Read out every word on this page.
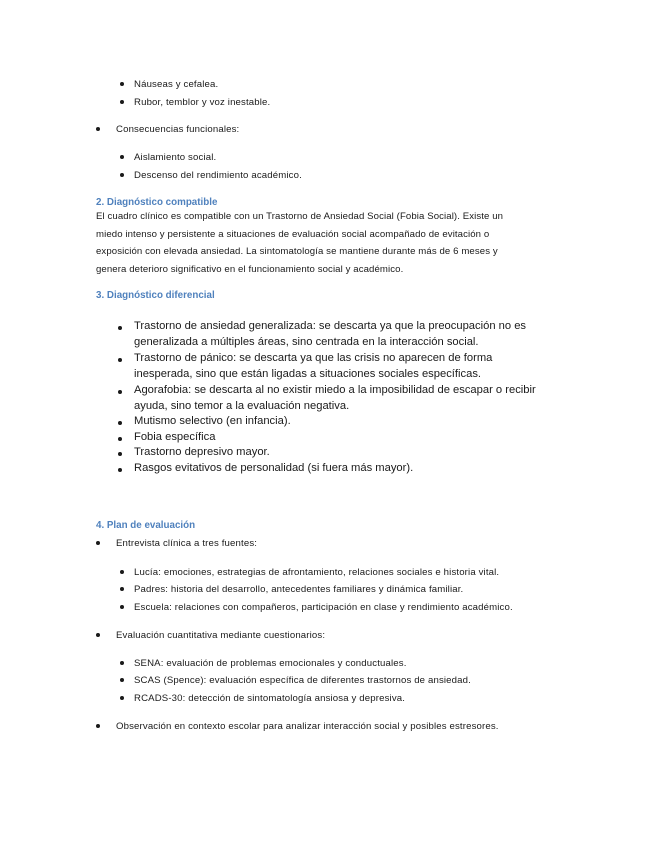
Náuseas y cefalea.
Rubor, temblor y voz inestable.
Consecuencias funcionales:
Aislamiento social.
Descenso del rendimiento académico.
2. Diagnóstico compatible
El cuadro clínico es compatible con un Trastorno de Ansiedad Social (Fobia Social). Existe un
miedo intenso y persistente a situaciones de evaluación social acompañado de evitación o
exposición con elevada ansiedad. La sintomatología se mantiene durante más de 6 meses y
genera deterioro significativo en el funcionamiento social y académico.
3. Diagnóstico diferencial
Trastorno de ansiedad generalizada: se descarta ya que la preocupación no es
generalizada a múltiples áreas, sino centrada en la interacción social.
Trastorno de pánico: se descarta ya que las crisis no aparecen de forma
inesperada, sino que están ligadas a situaciones sociales específicas.
Agorafobia: se descarta al no existir miedo a la imposibilidad de escapar o recibir
ayuda, sino temor a la evaluación negativa.
Mutismo selectivo (en infancia).
Fobia específica
Trastorno depresivo mayor.
Rasgos evitativos de personalidad (si fuera más mayor).
4. Plan de evaluación
Entrevista clínica a tres fuentes:
Lucía: emociones, estrategias de afrontamiento, relaciones sociales e historia vital.
Padres: historia del desarrollo, antecedentes familiares y dinámica familiar.
Escuela: relaciones con compañeros, participación en clase y rendimiento académico.
Evaluación cuantitativa mediante cuestionarios:
SENA: evaluación de problemas emocionales y conductuales.
SCAS (Spence): evaluación específica de diferentes trastornos de ansiedad.
RCADS-30: detección de sintomatología ansiosa y depresiva.
Observación en contexto escolar para analizar interacción social y posibles estresores.
